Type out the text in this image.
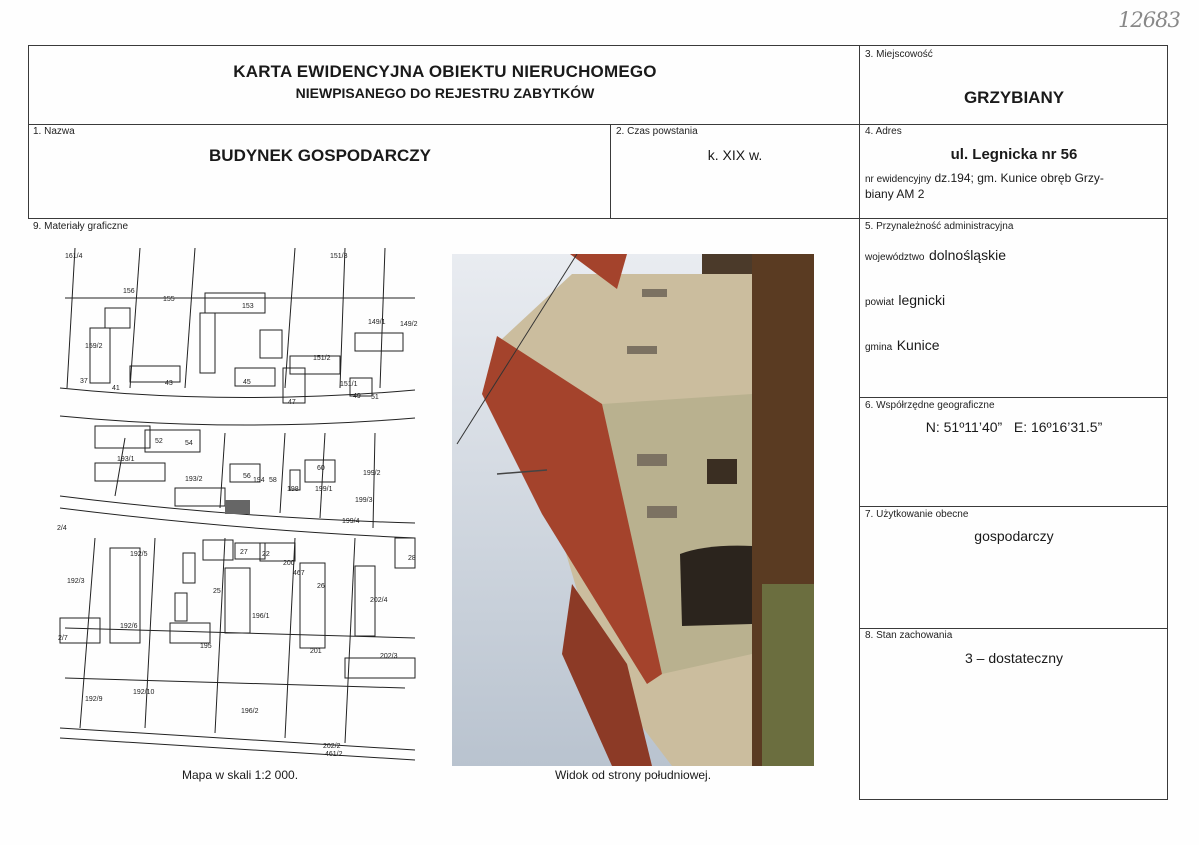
12683
KARTA EWIDENCYJNA OBIEKTU NIERUCHOMEGO
NIEWPISANEGO DO REJESTRU ZABYTKÓW
3. Miejscowość
GRZYBIANY
1. Nazwa
BUDYNEK GOSPODARCZY
2. Czas powstania
k. XIX w.
4. Adres
ul. Legnicka nr 56
nr ewidencyjny dz.194; gm. Kunice obręb Grzy-
biany AM 2
9. Materiały graficzne	5. Przynależność administracyjna
województwo dolnośląskie
powiat legnicki
gmina Kunice
6. Współrzędne geograficzne
N: 51º11’40”   E: 16º16’31.5”
7. Użytkowanie obecne
gospodarczy
8. Stan zachowania
3 – dostateczny
161/4	151/3
156
155
153
149/1 149/2
159/2
151/2
151/1
41
43	45
47
49 51
37
52	54
193/1
193/2	56
194 58
198
60
199/1
199/2
199/3
199/4
2/4
192/5
192/3
192/6
2/7
195
25
27 22
200
467
26
202/4
196/1
201
202/3
28
192/10
192/9
196/2
202/2
461/2
Mapa w skali 1:2 000.	Widok od strony południowej.
